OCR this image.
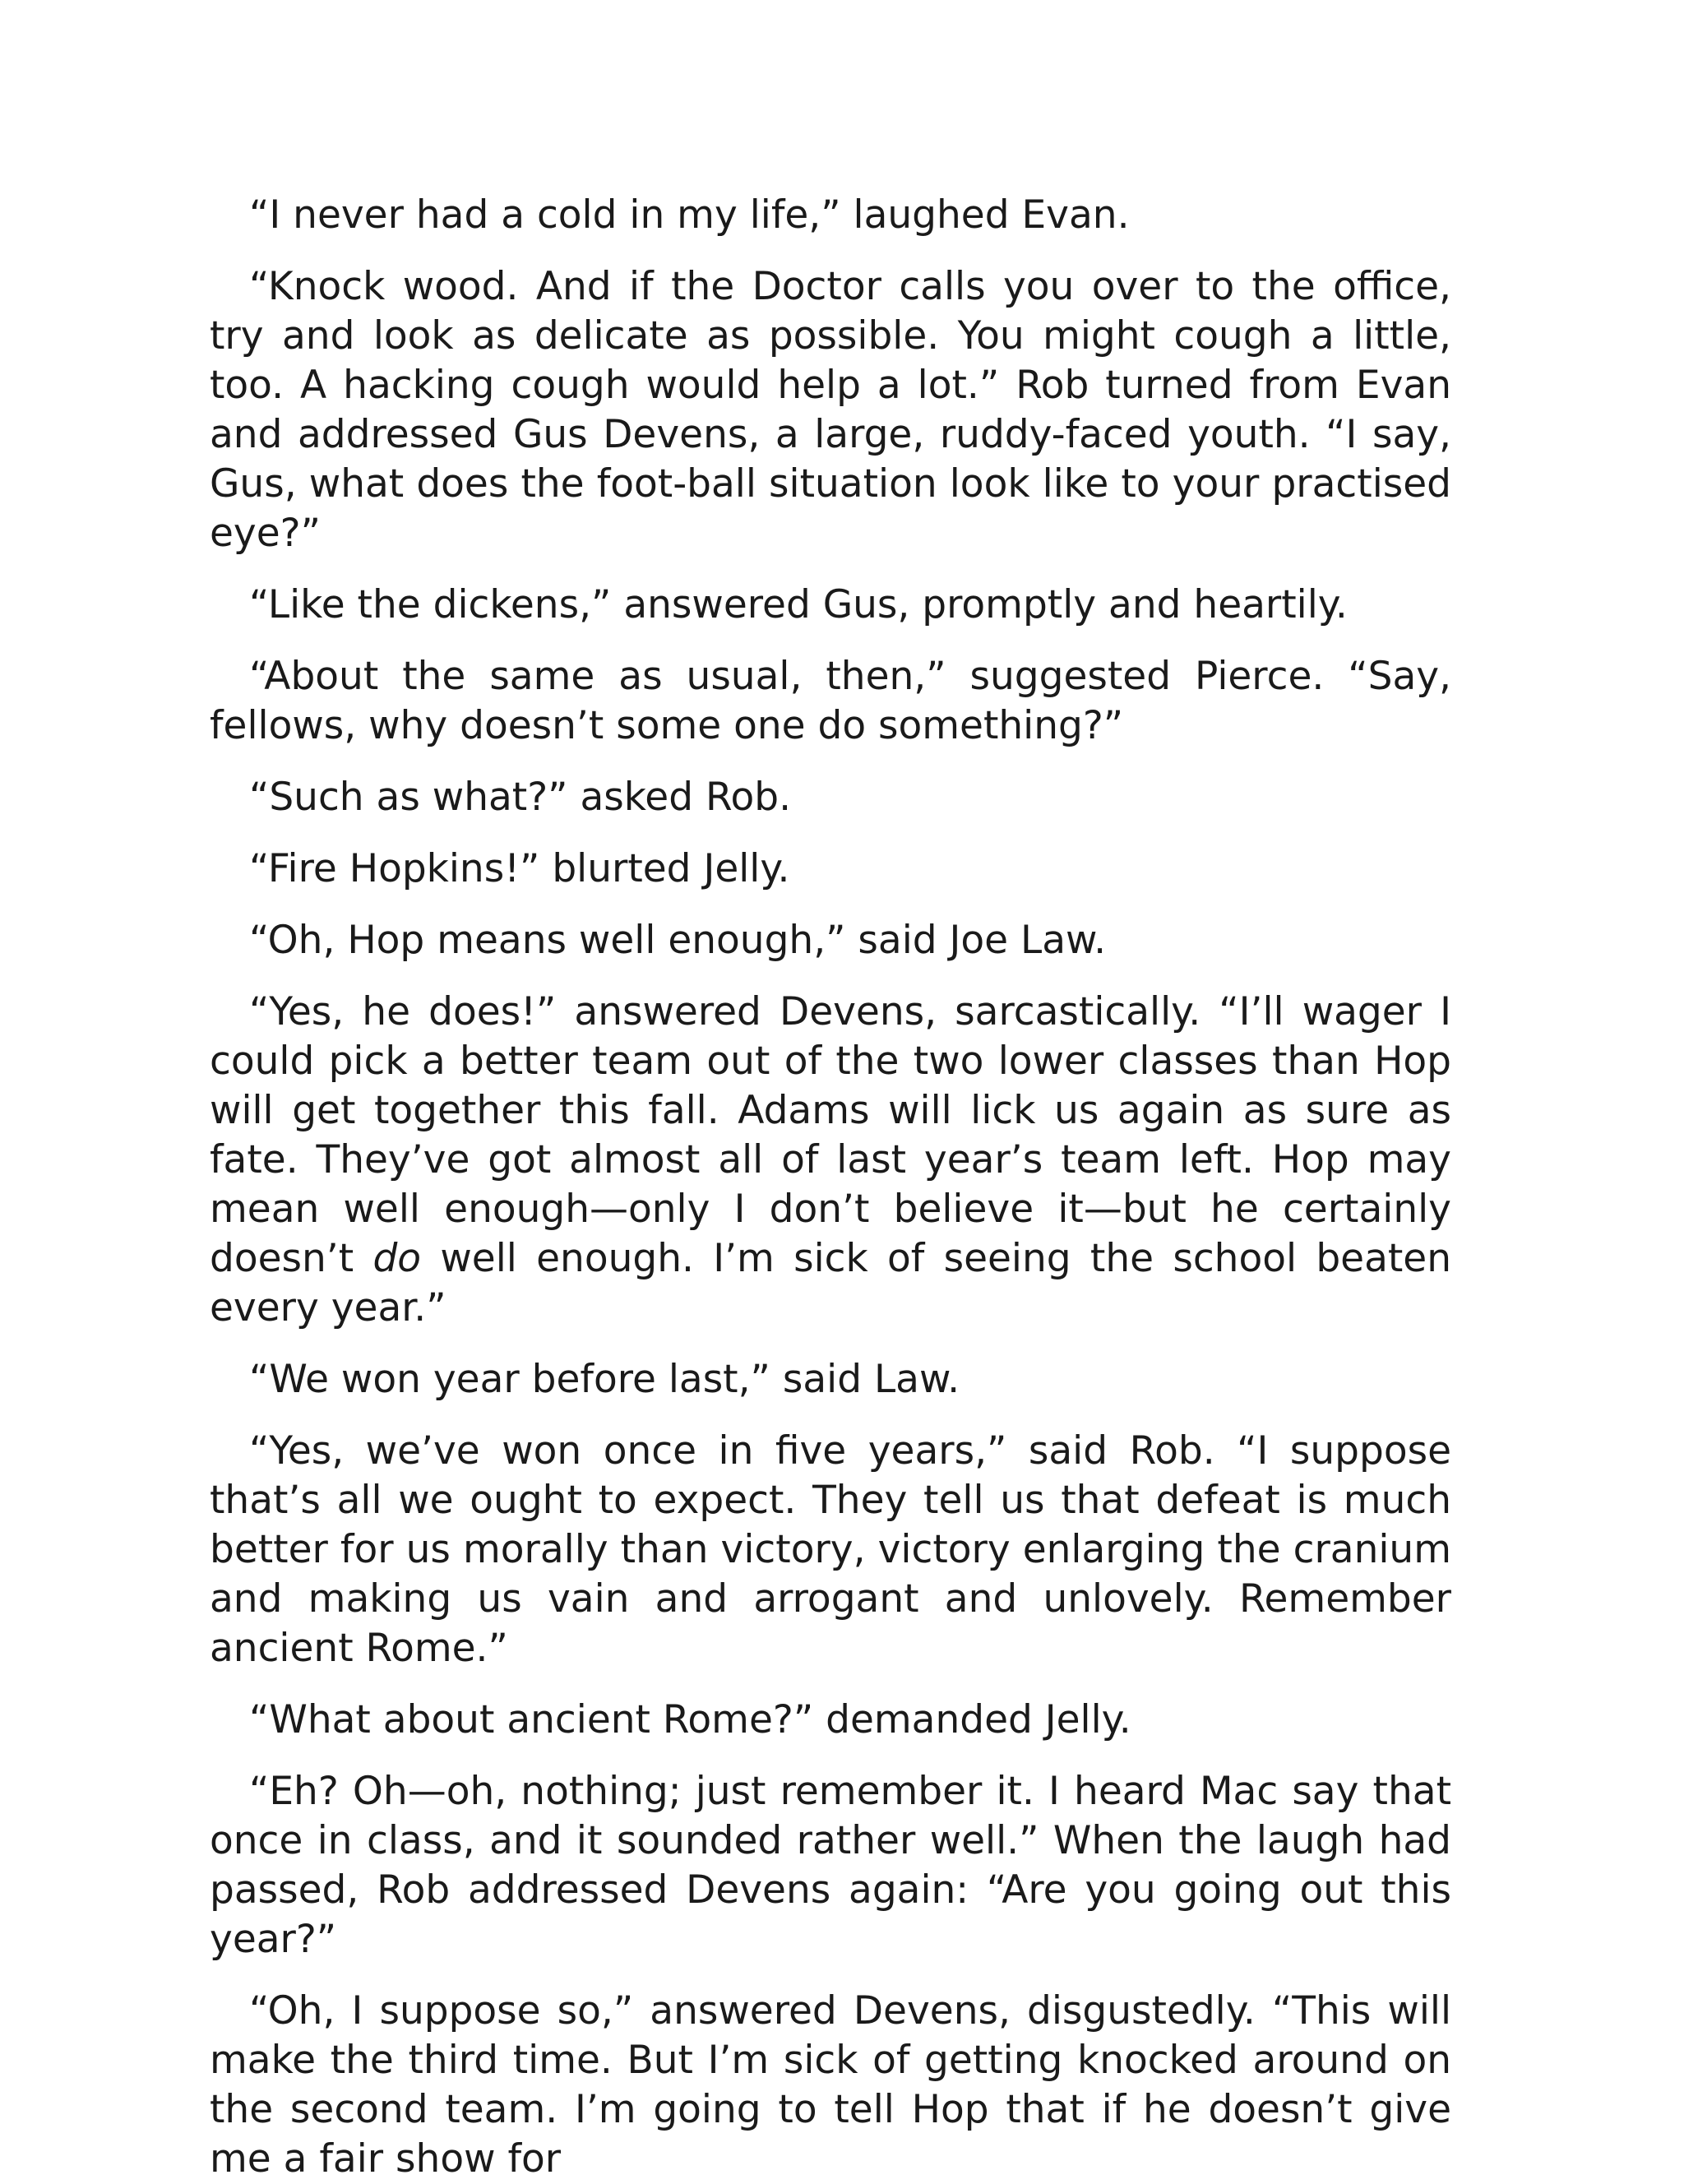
“I never had a cold in my life,” laughed Evan.

“Knock wood. And if the Doctor calls you over to the office, try and look as delicate as possible. You might cough a little, too. A hacking cough would help a lot.” Rob turned from Evan and addressed Gus Devens, a large, ruddy-faced youth. “I say, Gus, what does the foot-ball situation look like to your practised eye?”

“Like the dickens,” answered Gus, promptly and heartily.

“About the same as usual, then,” suggested Pierce. “Say, fellows, why doesn’t some one do something?”

“Such as what?” asked Rob.

“Fire Hopkins!” blurted Jelly.

“Oh, Hop means well enough,” said Joe Law.

“Yes, he does!” answered Devens, sarcastically. “I’ll wager I could pick a better team out of the two lower classes than Hop will get together this fall. Adams will lick us again as sure as fate. They’ve got almost all of last year’s team left. Hop may mean well enough—only I don’t believe it—but he certainly doesn’t do well enough. I’m sick of seeing the school beaten every year.”

“We won year before last,” said Law.

“Yes, we’ve won once in five years,” said Rob. “I suppose that’s all we ought to expect. They tell us that defeat is much better for us morally than victory, victory enlarging the cranium and making us vain and arrogant and unlovely. Remember ancient Rome.”

“What about ancient Rome?” demanded Jelly.

“Eh? Oh—oh, nothing; just remember it. I heard Mac say that once in class, and it sounded rather well.” When the laugh had passed, Rob addressed Devens again: “Are you going out this year?”

“Oh, I suppose so,” answered Devens, disgustedly. “This will make the third time. But I’m sick of getting knocked around on the second team. I’m going to tell Hop that if he doesn’t give me a fair show for
